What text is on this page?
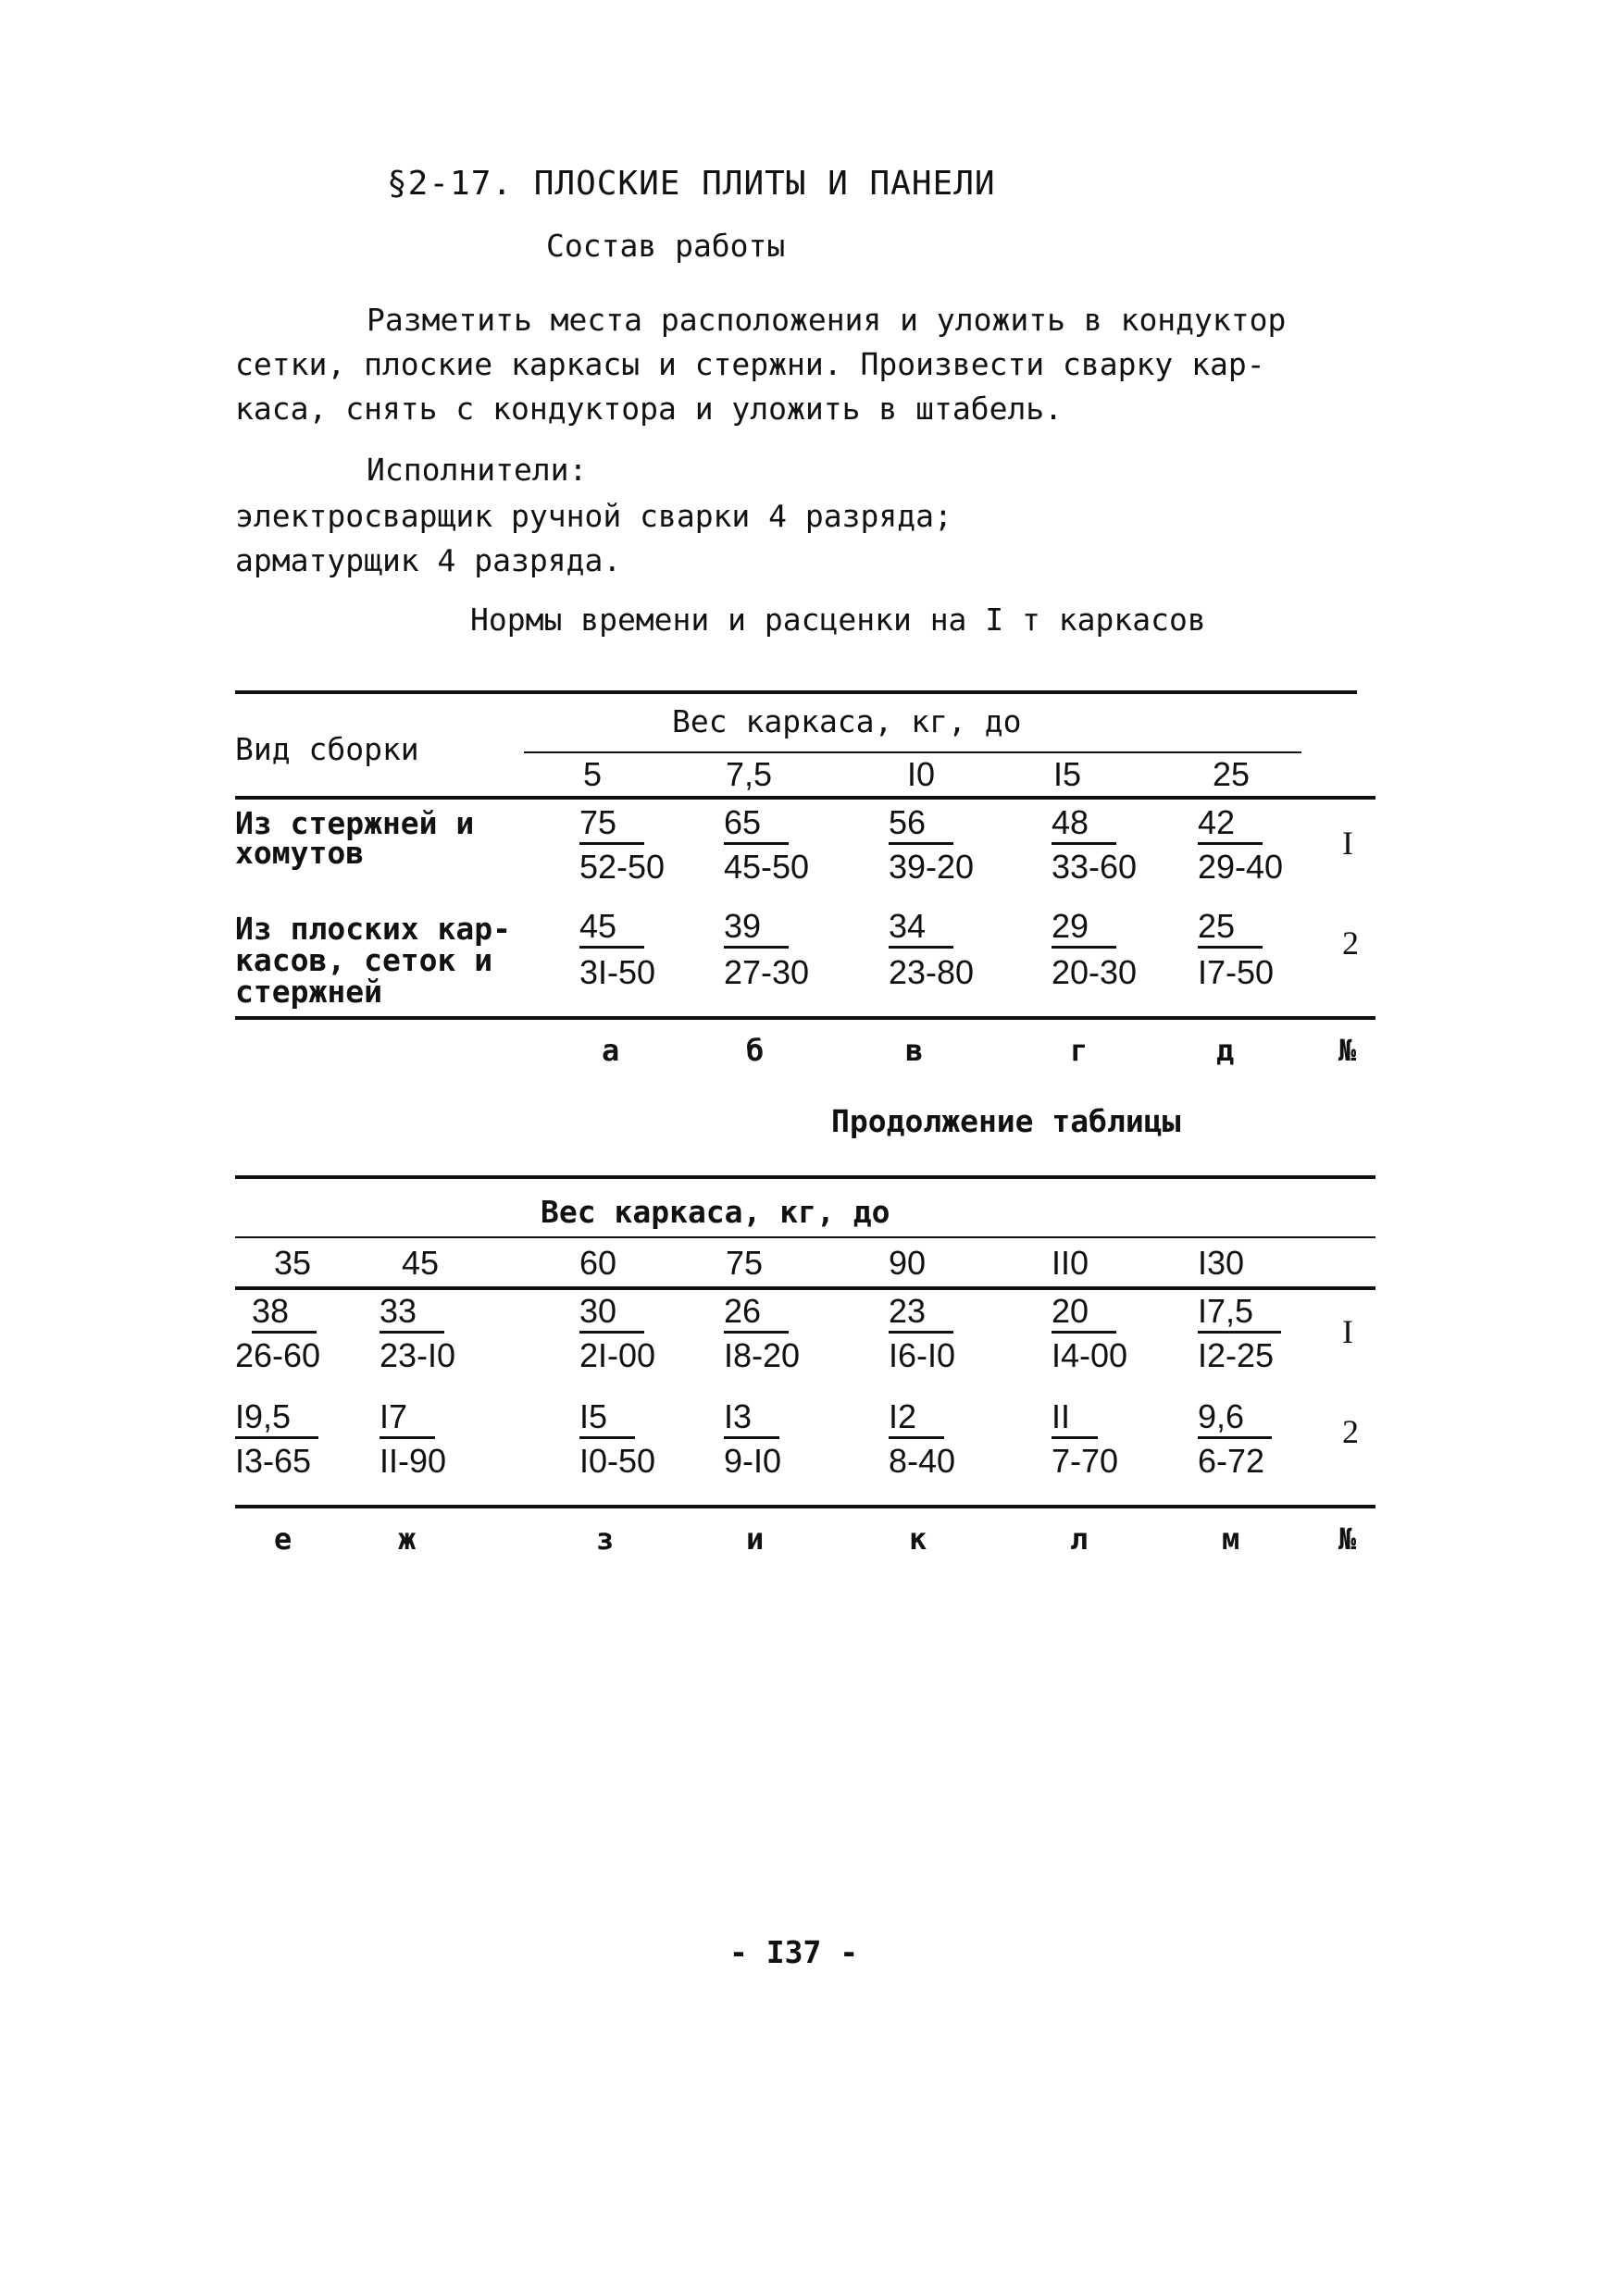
§2-17. ПЛОСКИЕ ПЛИТЫ И ПАНЕЛИ
Состав работы
Разметить места расположения и уложить в кондуктор
сетки, плоские каркасы и стержни. Произвести сварку кар-
каса, снять с кондуктора и уложить в штабель.
Исполнители:
электросварщик ручной сварки 4 разряда;
арматурщик 4 разряда.
Нормы времени и расценки на I т каркасов
Вид сборки
Вес каркаса, кг, до
5	7,5	I0	I5	25
Из стержней и
хомутов
75	65	56	48	42
52-50 45-50 39-20 33-60 29-40
I
Из плоских кар-
касов, сеток и
стержней
45	39	34	29	25
3I-50 27-30 23-80 20-30 I7-50
2
а	б	в	г	д	№
Продолжение таблицы
Вес каркаса, кг, до
35	45	60	75	90	II0	I30
38	33	30	26	23	20	I7,5
26-60 23-I0	2I-00 I8-20	I6-I0	I4-00 I2-25
I
I9,5	I7	I5	I3	I2	II	9,6
I3-65 II-90	I0-50 9-I0	8-40	7-70 6-72
2
е	ж	з	и	к	л	м	№
- I37 -
